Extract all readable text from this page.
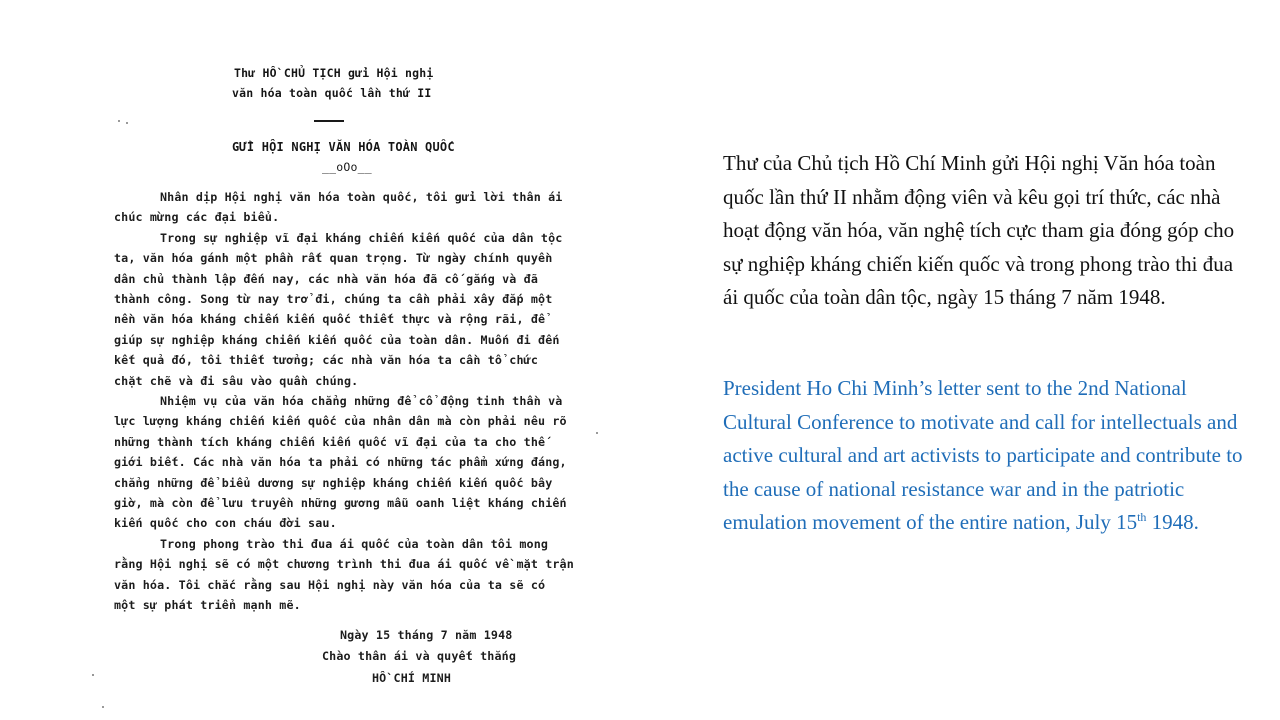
Thư HỒ CHỦ TỊCH gửi Hội nghị
văn hóa toàn quốc lần thứ II
GỬI HỘI NGHỊ VĂN HÓA TOÀN QUỐC
__oOo__
Nhân dịp Hội nghị văn hóa toàn quốc, tôi gửi lời thân ái
chúc mừng các đại biểu.
Trong sự nghiệp vĩ đại kháng chiến kiến quốc của dân tộc
ta, văn hóa gánh một phần rất quan trọng. Từ ngày chính quyền
dân chủ thành lập đến nay, các nhà văn hóa đã cố gắng và đã
thành công. Song từ nay trở đi, chúng ta cần phải xây đắp một
nền văn hóa kháng chiến kiến quốc thiết thực và rộng rãi, để
giúp sự nghiệp kháng chiến kiến quốc của toàn dân. Muốn đi đến
kết quả đó, tôi thiết tưởng; các nhà văn hóa ta cần tổ chức
chặt chẽ và đi sâu vào quần chúng.
Nhiệm vụ của văn hóa chẳng những để cổ động tinh thần và
lực lượng kháng chiến kiến quốc của nhân dân mà còn phải nêu rõ
những thành tích kháng chiến kiến quốc vĩ đại của ta cho thế
giới biết. Các nhà văn hóa ta phải có những tác phẩm xứng đáng,
chẳng những để biểu dương sự nghiệp kháng chiến kiến quốc bây
giờ, mà còn để lưu truyền những gương mẫu oanh liệt kháng chiến
kiến quốc cho con cháu đời sau.
Trong phong trào thi đua ái quốc của toàn dân tôi mong
rằng Hội nghị sẽ có một chương trình thi đua ái quốc về mặt trận
văn hóa. Tôi chắc rằng sau Hội nghị này văn hóa của ta sẽ có
một sự phát triển mạnh mẽ.
Ngày 15 tháng 7 năm 1948
Chào thân ái và quyết thắng
HỒ CHÍ MINH
Thư của Chủ tịch Hồ Chí Minh gửi Hội nghị Văn hóa toàn quốc lần thứ II nhằm động viên và kêu gọi trí thức, các nhà hoạt động văn hóa, văn nghệ tích cực tham gia đóng góp cho sự nghiệp kháng chiến kiến quốc và trong phong trào thi đua ái quốc của toàn dân tộc, ngày 15 tháng 7 năm 1948.
President Ho Chi Minh’s letter sent to the 2nd National Cultural Conference to motivate and call for intellectuals and active cultural and art activists to participate and contribute to the cause of national resistance war and in the patriotic emulation movement of the entire nation, July 15th 1948.
